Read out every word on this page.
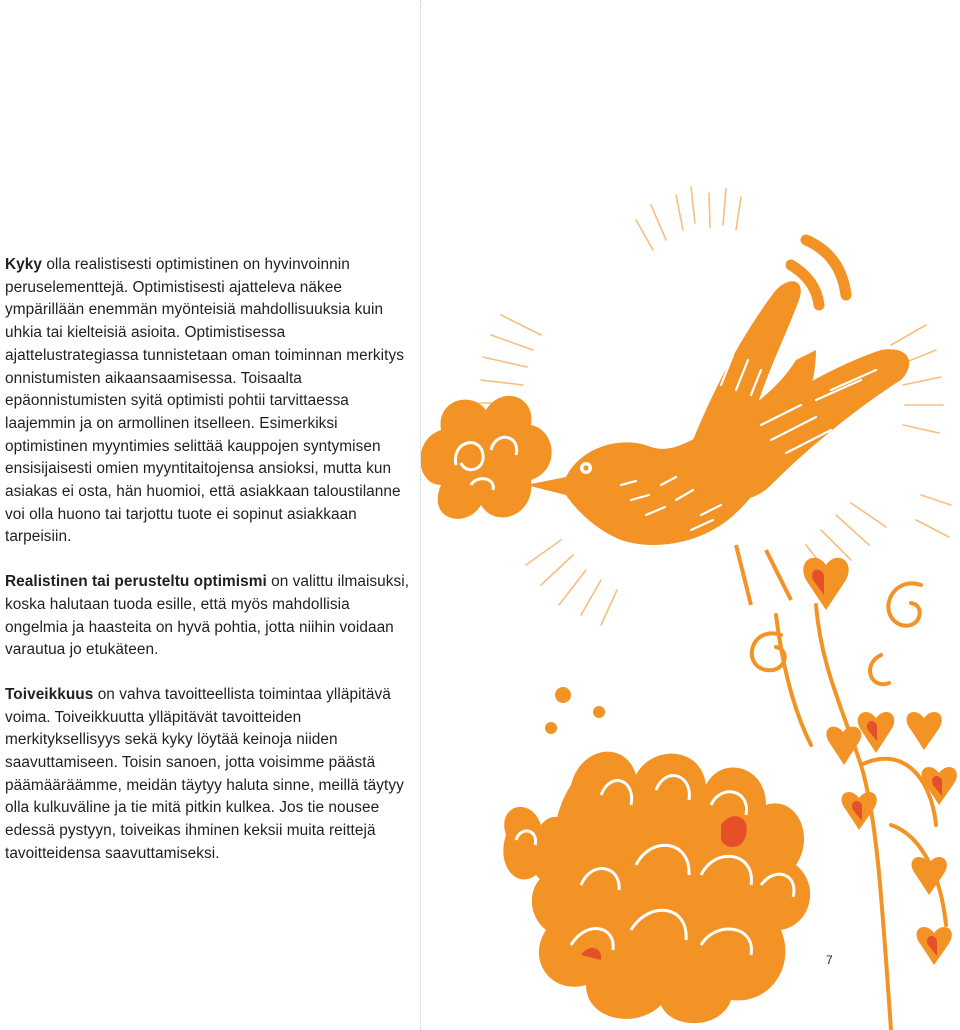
Kyky olla realistisesti optimistinen on hyvinvoinnin peruselementtejä. Optimistisesti ajatteleva näkee ympärillään enemmän myönteisiä mahdollisuuksia kuin uhkia tai kielteisiä asioita. Optimistisessa ajattelustrategiassa tunnistetaan oman toiminnan merkitys onnistumisten aikaansaamisessa. Toisaalta epäonnistumisten syitä optimisti pohtii tarvittaessa laajemmin ja on armollinen itselleen. Esimerkiksi optimistinen myyntimies selittää kauppojen syntymisen ensisijaisesti omien myyntitaitojensa ansioksi, mutta kun asiakas ei osta, hän huomioi, että asiakkaan taloustilanne voi olla huono tai tarjottu tuote ei sopinut asiakkaan tarpeisiin.

Realistinen tai perusteltu optimismi on valittu ilmaisuksi, koska halutaan tuoda esille, että myös mahdollisia ongelmia ja haasteita on hyvä pohtia, jotta niihin voidaan varautua jo etukäteen.

Toiveikkuus on vahva tavoitteellista toimintaa ylläpitävä voima. Toiveikkuutta ylläpitävät tavoitteiden merkityksellisyys sekä kyky löytää keinoja niiden saavuttamiseen. Toisin sanoen, jotta voisimme päästä päämääräämme, meidän täytyy haluta sinne, meillä täytyy olla kulkuväline ja tie mitä pitkin kulkea. Jos tie nousee edessä pystyyn, toiveikas ihminen keksii muita reittejä tavoitteidensa saavuttamiseksi.

7
